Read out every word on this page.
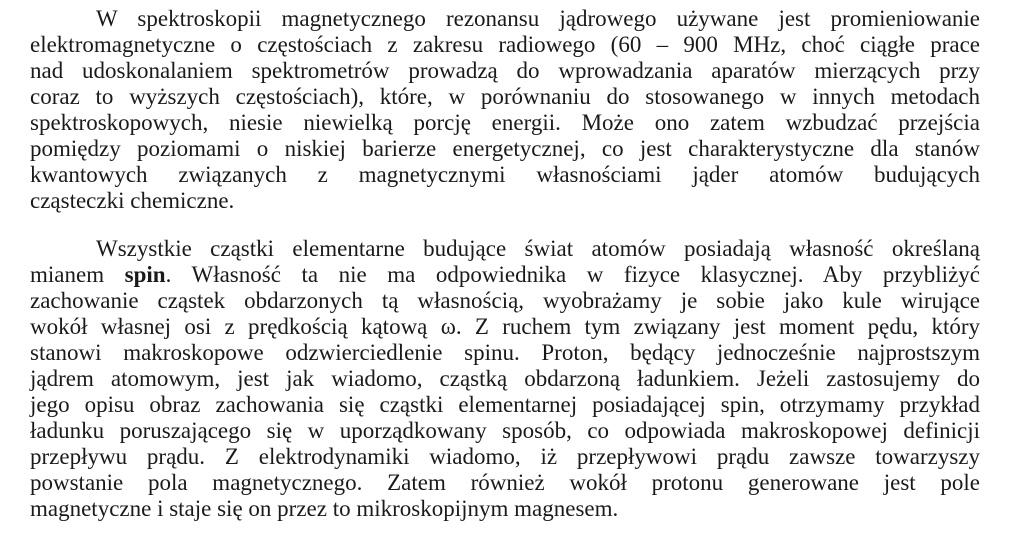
W spektroskopii magnetycznego rezonansu jądrowego używane jest promieniowanie
elektromagnetyczne o częstościach z zakresu radiowego (60 – 900 MHz, choć ciągłe prace
nad udoskonalaniem spektrometrów prowadzą do wprowadzania aparatów mierzących przy
coraz to wyższych częstościach), które, w porównaniu do stosowanego w innych metodach
spektroskopowych, niesie niewielką porcję energii. Może ono zatem wzbudzać przejścia
pomiędzy poziomami o niskiej barierze energetycznej, co jest charakterystyczne dla stanów
kwantowych związanych z magnetycznymi własnościami jąder atomów budujących
cząsteczki chemiczne.
Wszystkie cząstki elementarne budujące świat atomów posiadają własność określaną
mianem spin. Własność ta nie ma odpowiednika w fizyce klasycznej. Aby przybliżyć
zachowanie cząstek obdarzonych tą własnością, wyobrażamy je sobie jako kule wirujące
wokół własnej osi z prędkością kątową ω. Z ruchem tym związany jest moment pędu, który
stanowi makroskopowe odzwierciedlenie spinu. Proton, będący jednocześnie najprostszym
jądrem atomowym, jest jak wiadomo, cząstką obdarzoną ładunkiem. Jeżeli zastosujemy do
jego opisu obraz zachowania się cząstki elementarnej posiadającej spin, otrzymamy przykład
ładunku poruszającego się w uporządkowany sposób, co odpowiada makroskopowej definicji
przepływu prądu. Z elektrodynamiki wiadomo, iż przepływowi prądu zawsze towarzyszy
powstanie pola magnetycznego. Zatem również wokół protonu generowane jest pole
magnetyczne i staje się on przez to mikroskopijnym magnesem.
